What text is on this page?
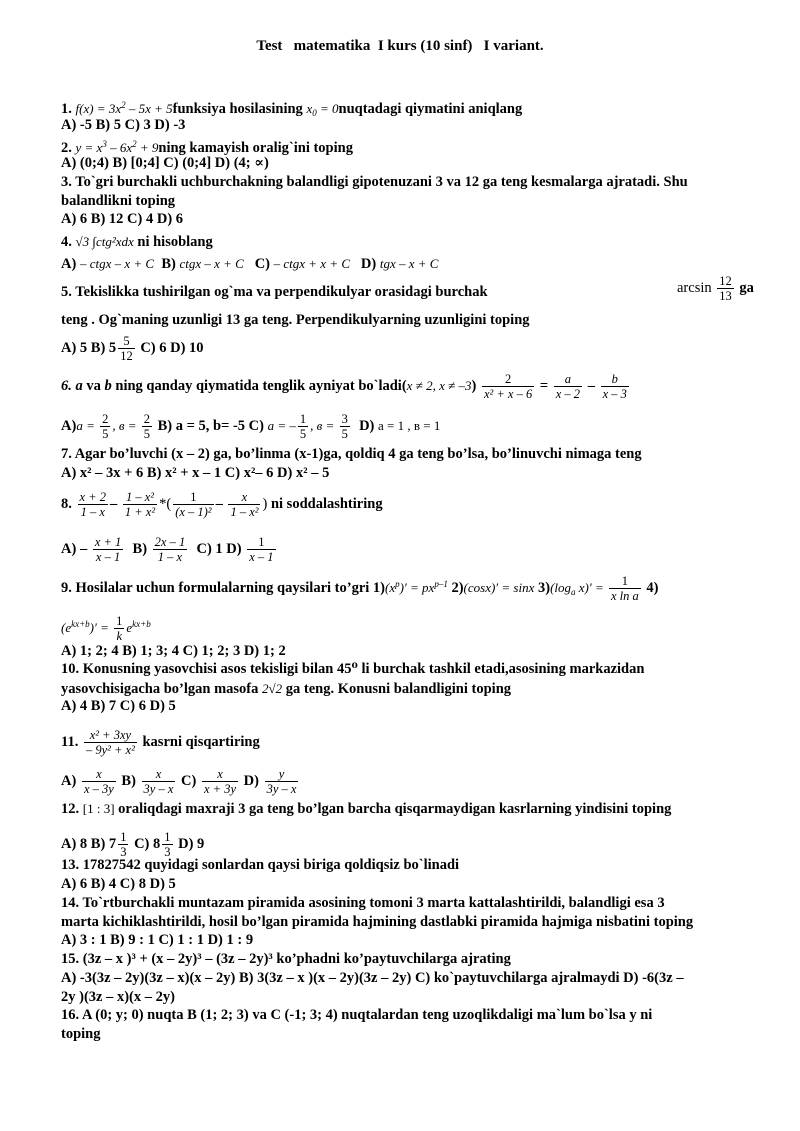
Test   matematika  I kurs (10 sinf)   I variant.
1. $f(x) = 3x^2 - 5x$ + 5funksiya hosilasining $x_0$ = 0nuqtadagi qiymatini aniqlang
A) -5 B) 5 C) 3 D) -3
2. $y = x^3 - 6x^2$ + 9ning kamayish oralig`ini toping
A) (0;4) B) [0;4] C) (0;4] D) (4; ∝)
3. To`gri burchakli uchburchakning balandligi gipotenuzani 3 va 12 ga teng kesmalarga ajratadi. Shu
balandlikni toping
A) 6 B) 12 C) 4 D) 6
4. √3 ∫ctg²xdx ni hisoblang
A) – ctgx – x + C B) ctgx – x + C C) – ctgx + x + C D) tgx – x + C
5. Tekislikka tushirilgan og`ma va perpendikulyar orasidagi burchak	$\arcsin \frac{12}{13}$ ga
teng . Og`maning uzunligi 13 ga teng. Perpendikulyarning uzunligini toping
A) 5 B) $5 \frac{5}{12} C$) 6 D) 10
6. a va b ning qanday qiymatida tenglik ayniyat bo`ladi(x ≠ 2, $x \ne -3) \frac{2}{\text{x² + x – 6}} = \frac{a}{x - 2} - \frac{b}{x - 3}$
$A)a = \frac{2}{5}$ , $в = \frac{2}{5} B$) a = 5, b= -5 C) a = – $\frac{1}{5}$ , $в = \frac{3}{5} D$) a = 1 , в = 1
7. Agar bo’luvchi (x – 2) ga, bo’linma (x-1)ga, qoldiq 4 ga teng bo’lsa, bo’linuvchi nimaga teng
A) x² – 3x + 6 B) x² + x – 1 C) x²– 6 D) x² – 5
8. $\frac{x + 2}{1 - x} - \frac{\text{1 – x²}}{\text{1 + x²}}$ *( $\frac{1}{\text{(x – 1)²}} - \frac{x}{\text{1 – x²}}$ ) ni soddalashtiring
$A) - \frac{x + 1}{x - 1} B) \frac{2x - 1}{1 - x} C$) 1 $D) \frac{1}{x - 1}$
9. Hosilalar uchun formulalarning qaysilari to’gri $1)(x^p)' = px^{p-1}$ 2)(cosx)′ = sinx $3)(\log_a$ $x)' = \frac{1}{\text{x ln a}} 4$)
$(e^{kx+b})' = \frac{1}{k} e^{kx+b}$
A) 1; 2; 4 B) 1; 3; 4 C) 1; 2; 3 D) 1; 2
10. Konusning yasovchisi asos tekisligi bilan 45⁰ li burchak tashkil etadi,asosining markazidan
yasovchisigacha bo’lgan masofa 2√2 ga teng. Konusni balandligini toping
A) 4 B) 7 C) 6 D) 5
11. $\frac{\text{x² + 3xy}}{\text{– 9y² + x²}}$ kasrni qisqartiring
$A) \frac{x}{x - 3y} B) \frac{x}{3y - x} C) \frac{x}{x + 3y} D) \frac{y}{3y - x}$
12. [1 : 3] oraliqdagi maxraji 3 ga teng bo’lgan barcha qisqarmaydigan kasrlarning yindisini toping
A) 8 B) $7 \frac{1}{3} C$) $8 \frac{1}{3} D$) 9
13. 17827542 quyidagi sonlardan qaysi biriga qoldiqsiz bo`linadi
A) 6 B) 4 C) 8 D) 5
14. To`rtburchakli muntazam piramida asosining tomoni 3 marta kattalashtirildi, balandligi esa 3
marta kichiklashtirildi, hosil bo’lgan piramida hajmining dastlabki piramida hajmiga nisbatini toping
A) 3 : 1 B) 9 : 1 C) 1 : 1 D) 1 : 9
15. (3z – x )³ + (x – 2y)³ – (3z – 2y)³ ko’phadni ko’paytuvchilarga ajrating
A) -3(3z – 2y)(3z – x)(x – 2y) B) 3(3z – x )(x – 2y)(3z – 2y) C) ko`paytuvchilarga ajralmaydi D) -6(3z –
2y )(3z – x)(x – 2y)
16. A (0; y; 0) nuqta B (1; 2; 3) va C (-1; 3; 4) nuqtalardan teng uzoqlikdaligi ma`lum bo`lsa y ni
toping
